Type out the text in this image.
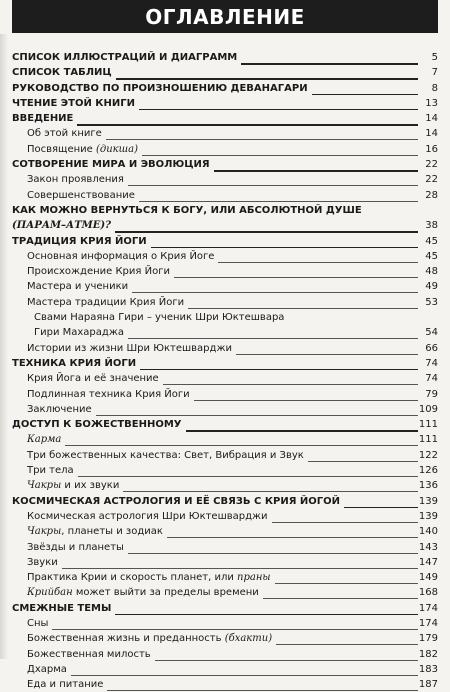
ОГЛАВЛЕНИЕ
СПИСОК ИЛЛЮСТРАЦИЙ И ДИАГРАММ	5
СПИСОК ТАБЛИЦ	7
РУКОВОДСТВО ПО ПРОИЗНОШЕНИЮ ДЕВАНАГАРИ	8
ЧТЕНИЕ ЭТОЙ КНИГИ	13
ВВЕДЕНИЕ	14
Об этой книге	14
Посвящение (дикша)	16
СОТВОРЕНИЕ МИРА И ЭВОЛЮЦИЯ	22
Закон проявления	22
Совершенствование	28
КАК МОЖНО ВЕРНУТЬСЯ К БОГУ, ИЛИ АБСОЛЮТНОЙ ДУШЕ
(ПАРАМ–АТМЕ)?	38
ТРАДИЦИЯ КРИЯ ЙОГИ	45
Основная информация о Крия Йоге	45
Происхождение Крия Йоги	48
Мастера и ученики	49
Мастера традиции Крия Йоги	53
Свами Нараяна Гири – ученик Шри Юктешвара
Гири Махараджа	54
Истории из жизни Шри Юктешварджи	66
ТЕХНИКА КРИЯ ЙОГИ	74
Крия Йога и её значение	74
Подлинная техника Крия Йоги	79
Заключение	109
ДОСТУП К БОЖЕСТВЕННОМУ	111
Карма	111
Три божественных качества: Свет, Вибрация и Звук	122
Три тела	126
Чакры и их звуки	136
КОСМИЧЕСКАЯ АСТРОЛОГИЯ И ЕЁ СВЯЗЬ С КРИЯ ЙОГОЙ	139
Космическая астрология Шри Юктешварджи	139
Чакры, планеты и зодиак	140
Звёзды и планеты	143
Звуки	147
Практика Крии и скорость планет, или праны	149
Крийбан может выйти за пределы времени	168
СМЕЖНЫЕ ТЕМЫ	174
Сны	174
Божественная жизнь и преданность (бхакти)	179
Божественная милость	182
Дхарма	183
Еда и питание	187
